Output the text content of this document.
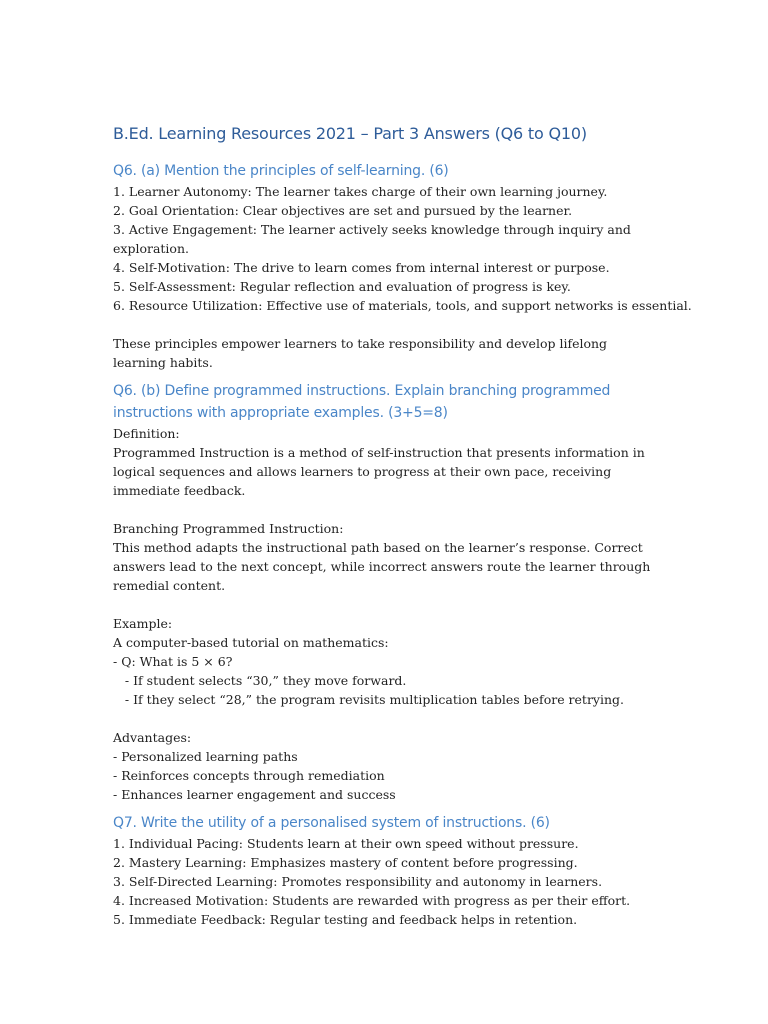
B.Ed. Learning Resources 2021 – Part 3 Answers (Q6 to Q10)
Q6. (a) Mention the principles of self-learning. (6)
1. Learner Autonomy: The learner takes charge of their own learning journey.
2. Goal Orientation: Clear objectives are set and pursued by the learner.
3. Active Engagement: The learner actively seeks knowledge through inquiry and exploration.
4. Self-Motivation: The drive to learn comes from internal interest or purpose.
5. Self-Assessment: Regular reflection and evaluation of progress is key.
6. Resource Utilization: Effective use of materials, tools, and support networks is essential.
These principles empower learners to take responsibility and develop lifelong learning habits.
Q6. (b) Define programmed instructions. Explain branching programmed instructions with appropriate examples. (3+5=8)
Definition:
Programmed Instruction is a method of self-instruction that presents information in logical sequences and allows learners to progress at their own pace, receiving immediate feedback.
Branching Programmed Instruction:
This method adapts the instructional path based on the learner’s response. Correct answers lead to the next concept, while incorrect answers route the learner through remedial content.
Example:
A computer-based tutorial on mathematics:
- Q: What is 5 × 6?
- If student selects “30,” they move forward.
- If they select “28,” the program revisits multiplication tables before retrying.
Advantages:
- Personalized learning paths
- Reinforces concepts through remediation
- Enhances learner engagement and success
Q7. Write the utility of a personalised system of instructions. (6)
1. Individual Pacing: Students learn at their own speed without pressure.
2. Mastery Learning: Emphasizes mastery of content before progressing.
3. Self-Directed Learning: Promotes responsibility and autonomy in learners.
4. Increased Motivation: Students are rewarded with progress as per their effort.
5. Immediate Feedback: Regular testing and feedback helps in retention.
